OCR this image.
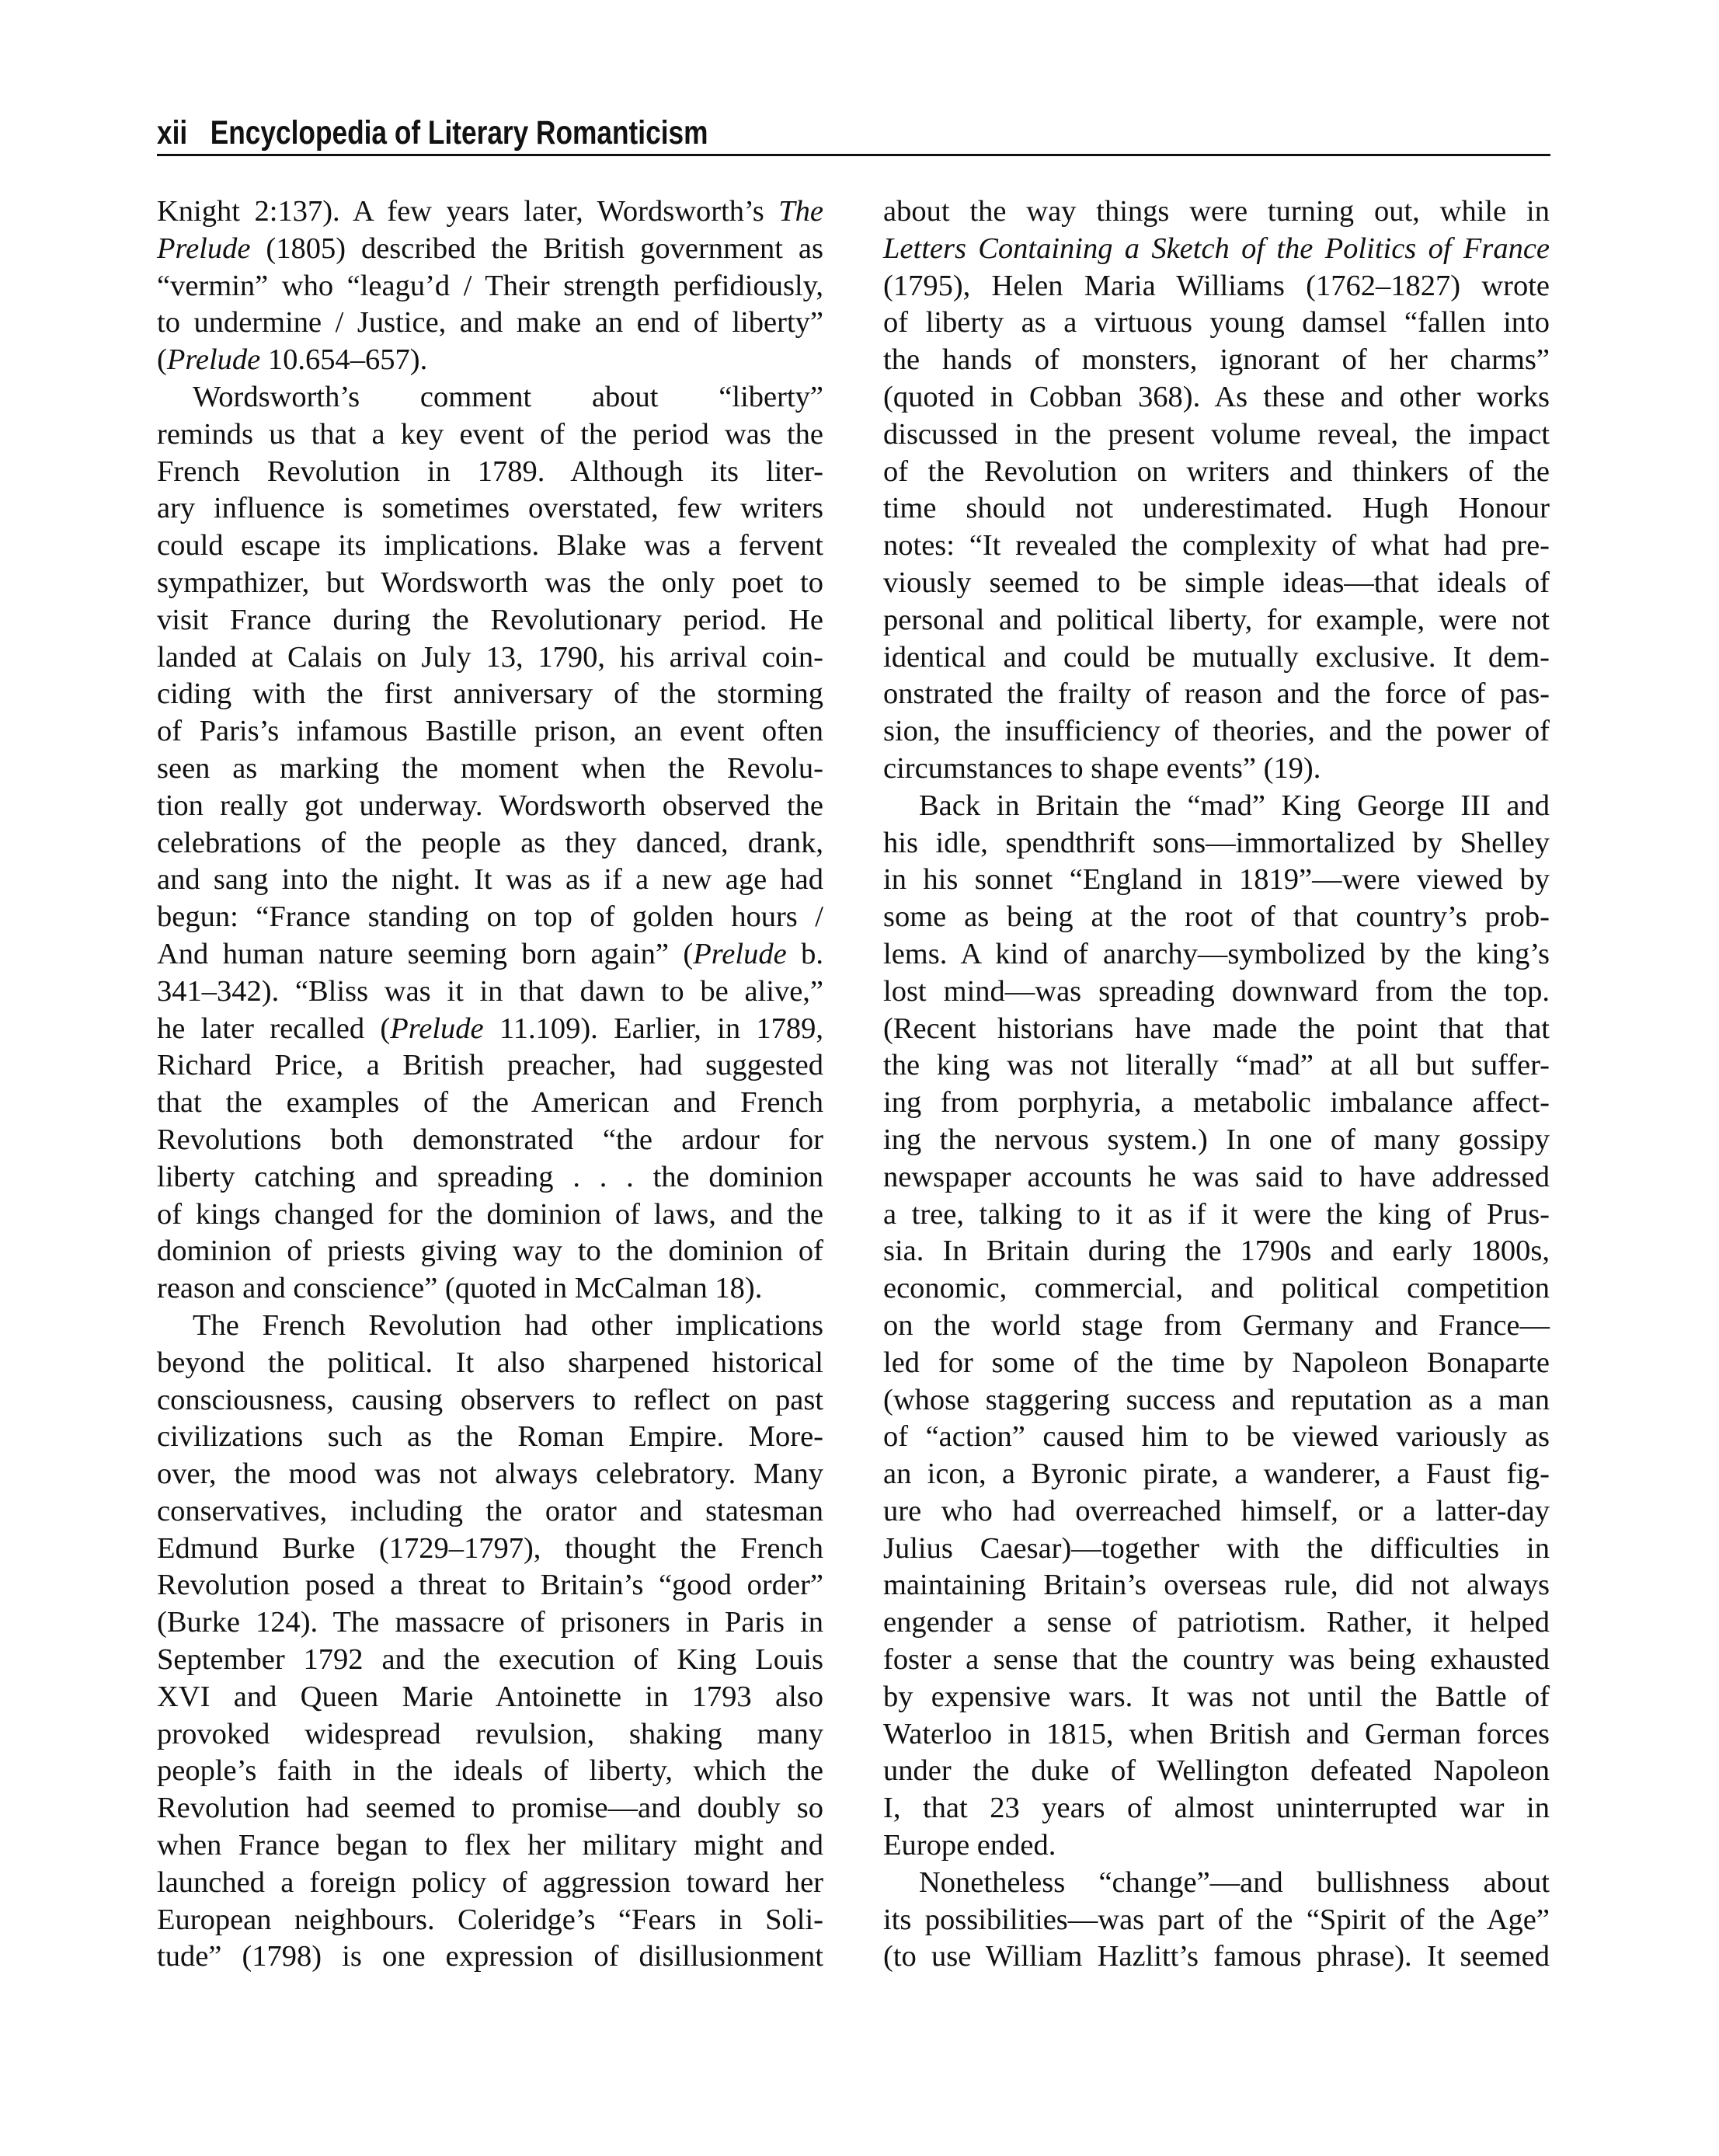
xii Encyclopedia of Literary Romanticism
Knight 2:137). A few years later, Wordsworth’s The
Prelude (1805) described the British government as
“vermin” who “leagu’d / Their strength perfidiously,
to undermine / Justice, and make an end of liberty”
(Prelude 10.654–657).
Wordsworth’s comment about “liberty”
reminds us that a key event of the period was the
French Revolution in 1789. Although its liter-
ary influence is sometimes overstated, few writers
could escape its implications. Blake was a fervent
sympathizer, but Wordsworth was the only poet to
visit France during the Revolutionary period. He
landed at Calais on July 13, 1790, his arrival coin-
ciding with the first anniversary of the storming
of Paris’s infamous Bastille prison, an event often
seen as marking the moment when the Revolu-
tion really got underway. Wordsworth observed the
celebrations of the people as they danced, drank,
and sang into the night. It was as if a new age had
begun: “France standing on top of golden hours /
And human nature seeming born again” (Prelude b.
341–342). “Bliss was it in that dawn to be alive,”
he later recalled (Prelude 11.109). Earlier, in 1789,
Richard Price, a British preacher, had suggested
that the examples of the American and French
Revolutions both demonstrated “the ardour for
liberty catching and spreading . . . the dominion
of kings changed for the dominion of laws, and the
dominion of priests giving way to the dominion of
reason and conscience” (quoted in McCalman 18).
The French Revolution had other implications
beyond the political. It also sharpened historical
consciousness, causing observers to reflect on past
civilizations such as the Roman Empire. More-
over, the mood was not always celebratory. Many
conservatives, including the orator and statesman
Edmund Burke (1729–1797), thought the French
Revolution posed a threat to Britain’s “good order”
(Burke 124). The massacre of prisoners in Paris in
September 1792 and the execution of King Louis
XVI and Queen Marie Antoinette in 1793 also
provoked widespread revulsion, shaking many
people’s faith in the ideals of liberty, which the
Revolution had seemed to promise—and doubly so
when France began to flex her military might and
launched a foreign policy of aggression toward her
European neighbours. Coleridge’s “Fears in Soli-
tude” (1798) is one expression of disillusionment
about the way things were turning out, while in
Letters Containing a Sketch of the Politics of France
(1795), Helen Maria Williams (1762–1827) wrote
of liberty as a virtuous young damsel “fallen into
the hands of monsters, ignorant of her charms”
(quoted in Cobban 368). As these and other works
discussed in the present volume reveal, the impact
of the Revolution on writers and thinkers of the
time should not underestimated. Hugh Honour
notes: “It revealed the complexity of what had pre-
viously seemed to be simple ideas—that ideals of
personal and political liberty, for example, were not
identical and could be mutually exclusive. It dem-
onstrated the frailty of reason and the force of pas-
sion, the insufficiency of theories, and the power of
circumstances to shape events” (19).
Back in Britain the “mad” King George III and
his idle, spendthrift sons—immortalized by Shelley
in his sonnet “England in 1819”—were viewed by
some as being at the root of that country’s prob-
lems. A kind of anarchy—symbolized by the king’s
lost mind—was spreading downward from the top.
(Recent historians have made the point that that
the king was not literally “mad” at all but suffer-
ing from porphyria, a metabolic imbalance affect-
ing the nervous system.) In one of many gossipy
newspaper accounts he was said to have addressed
a tree, talking to it as if it were the king of Prus-
sia. In Britain during the 1790s and early 1800s,
economic, commercial, and political competition
on the world stage from Germany and France—
led for some of the time by Napoleon Bonaparte
(whose staggering success and reputation as a man
of “action” caused him to be viewed variously as
an icon, a Byronic pirate, a wanderer, a Faust fig-
ure who had overreached himself, or a latter-day
Julius Caesar)—together with the difficulties in
maintaining Britain’s overseas rule, did not always
engender a sense of patriotism. Rather, it helped
foster a sense that the country was being exhausted
by expensive wars. It was not until the Battle of
Waterloo in 1815, when British and German forces
under the duke of Wellington defeated Napoleon
I, that 23 years of almost uninterrupted war in
Europe ended.
Nonetheless “change”—and bullishness about
its possibilities—was part of the “Spirit of the Age”
(to use William Hazlitt’s famous phrase). It seemed
